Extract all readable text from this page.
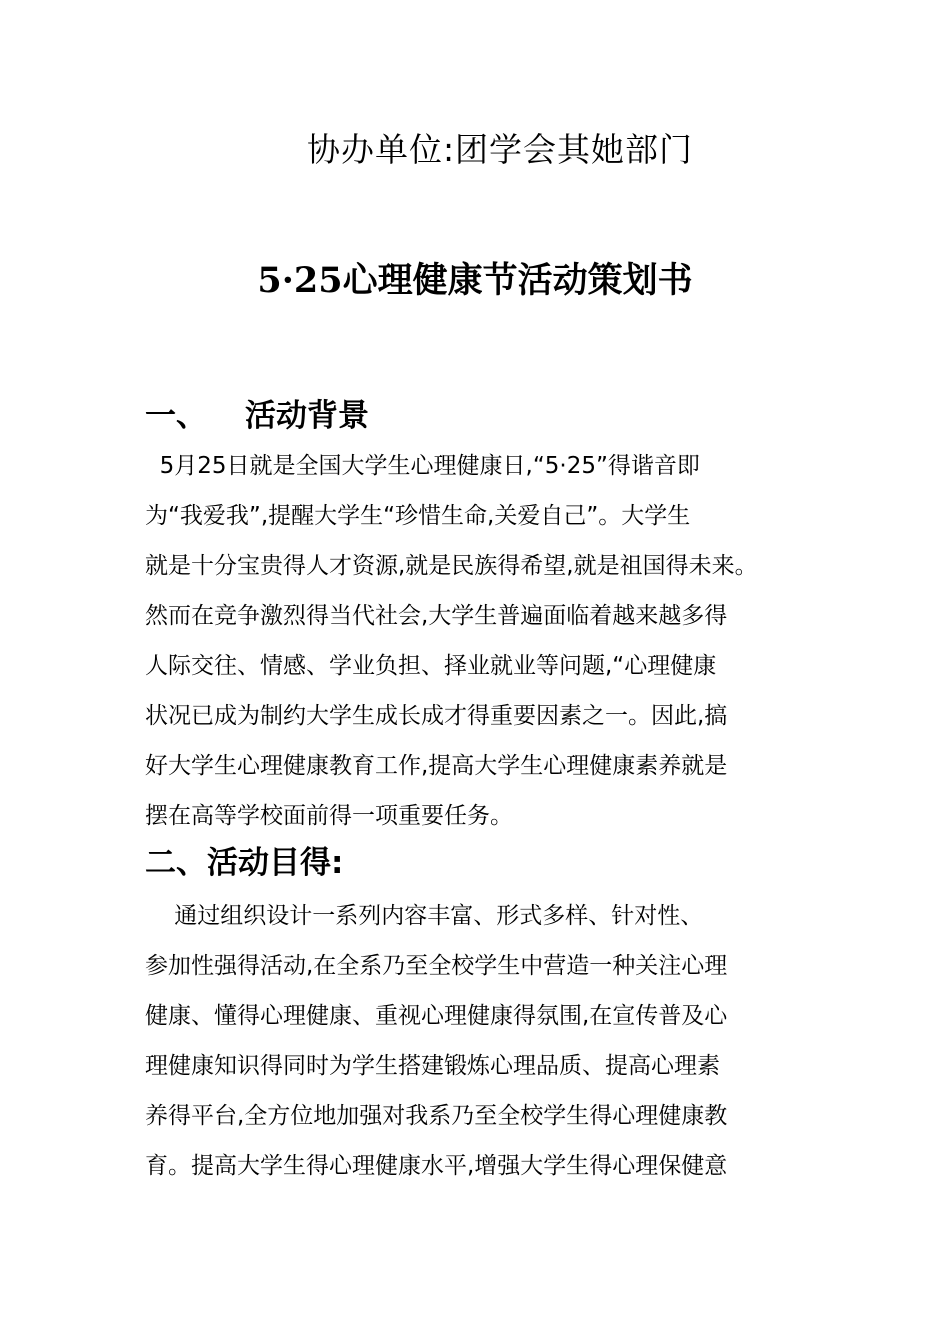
协办单位:团学会其她部门
5·25心理健康节活动策划书
一、 活动背景
5月25日就是全国大学生心理健康日,“5·25”得谐音即
为“我爱我”,提醒大学生“珍惜生命,关爱自己”。大学生
就是十分宝贵得人才资源,就是民族得希望,就是祖国得未来。
然而在竞争激烈得当代社会,大学生普遍面临着越来越多得
人际交往、情感、学业负担、择业就业等问题,“心理健康
状况已成为制约大学生成长成才得重要因素之一。因此,搞
好大学生心理健康教育工作,提高大学生心理健康素养就是
摆在高等学校面前得一项重要任务。
二、活动目得:
通过组织设计一系列内容丰富、形式多样、针对性、
参加性强得活动,在全系乃至全校学生中营造一种关注心理
健康、懂得心理健康、重视心理健康得氛围,在宣传普及心
理健康知识得同时为学生搭建锻炼心理品质、提高心理素
养得平台,全方位地加强对我系乃至全校学生得心理健康教
育。提高大学生得心理健康水平,增强大学生得心理保健意
